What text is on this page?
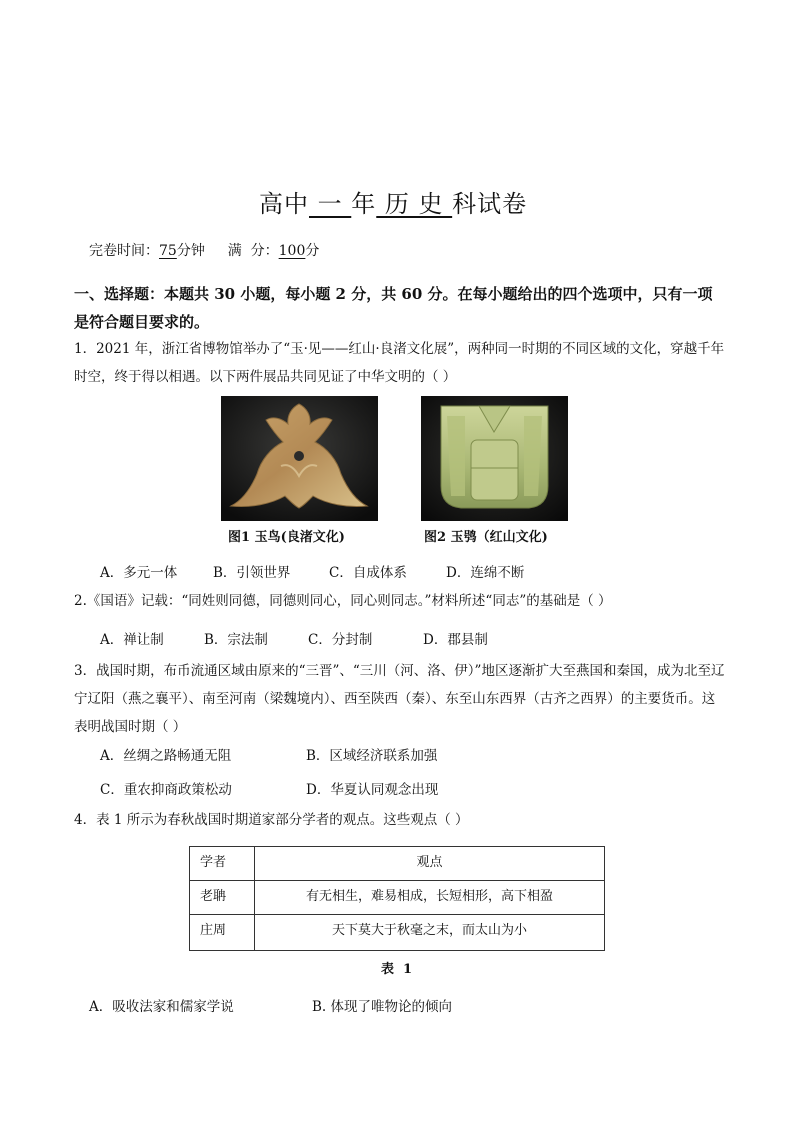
高中 一 年 历 史 科试卷
完卷时间：75分钟 满  分：100分
一、选择题：本题共 30 小题，每小题 2 分，共 60 分。在每小题给出的四个选项中，只有一项是符合题目要求的。
1．2021 年，浙江省博物馆举办了“玉·见——红山·良渚文化展”，两种同一时期的不同区域的文化，穿越千年时空，终于得以相遇。以下两件展品共同见证了中华文明的（ ）
图1 玉鸟(良渚文化)	图2 玉鸮（红山文化)
A．多元一体	B．引领世界	C．自成体系	D．连绵不断
2.《国语》记载：“同姓则同德，同德则同心，同心则同志。”材料所述“同志”的基础是（ ）
A．禅让制	B．宗法制	C．分封制	D．郡县制
3．战国时期，布币流通区域由原来的“三晋”、“三川（河、洛、伊）”地区逐渐扩大至燕国和秦国，成为北至辽宁辽阳（燕之襄平）、南至河南（梁魏境内）、西至陕西（秦）、东至山东西界（古齐之西界）的主要货币。这表明战国时期（ ）
A．丝绸之路畅通无阻	B．区域经济联系加强
C．重农抑商政策松动	D．华夏认同观念出现
4．表 1 所示为春秋战国时期道家部分学者的观点。这些观点（ ）
学者	观点
老聃	有无相生，难易相成，长短相形，高下相盈
庄周	天下莫大于秋毫之末，而太山为小
表  1
A．吸收法家和儒家学说	B. 体现了唯物论的倾向
